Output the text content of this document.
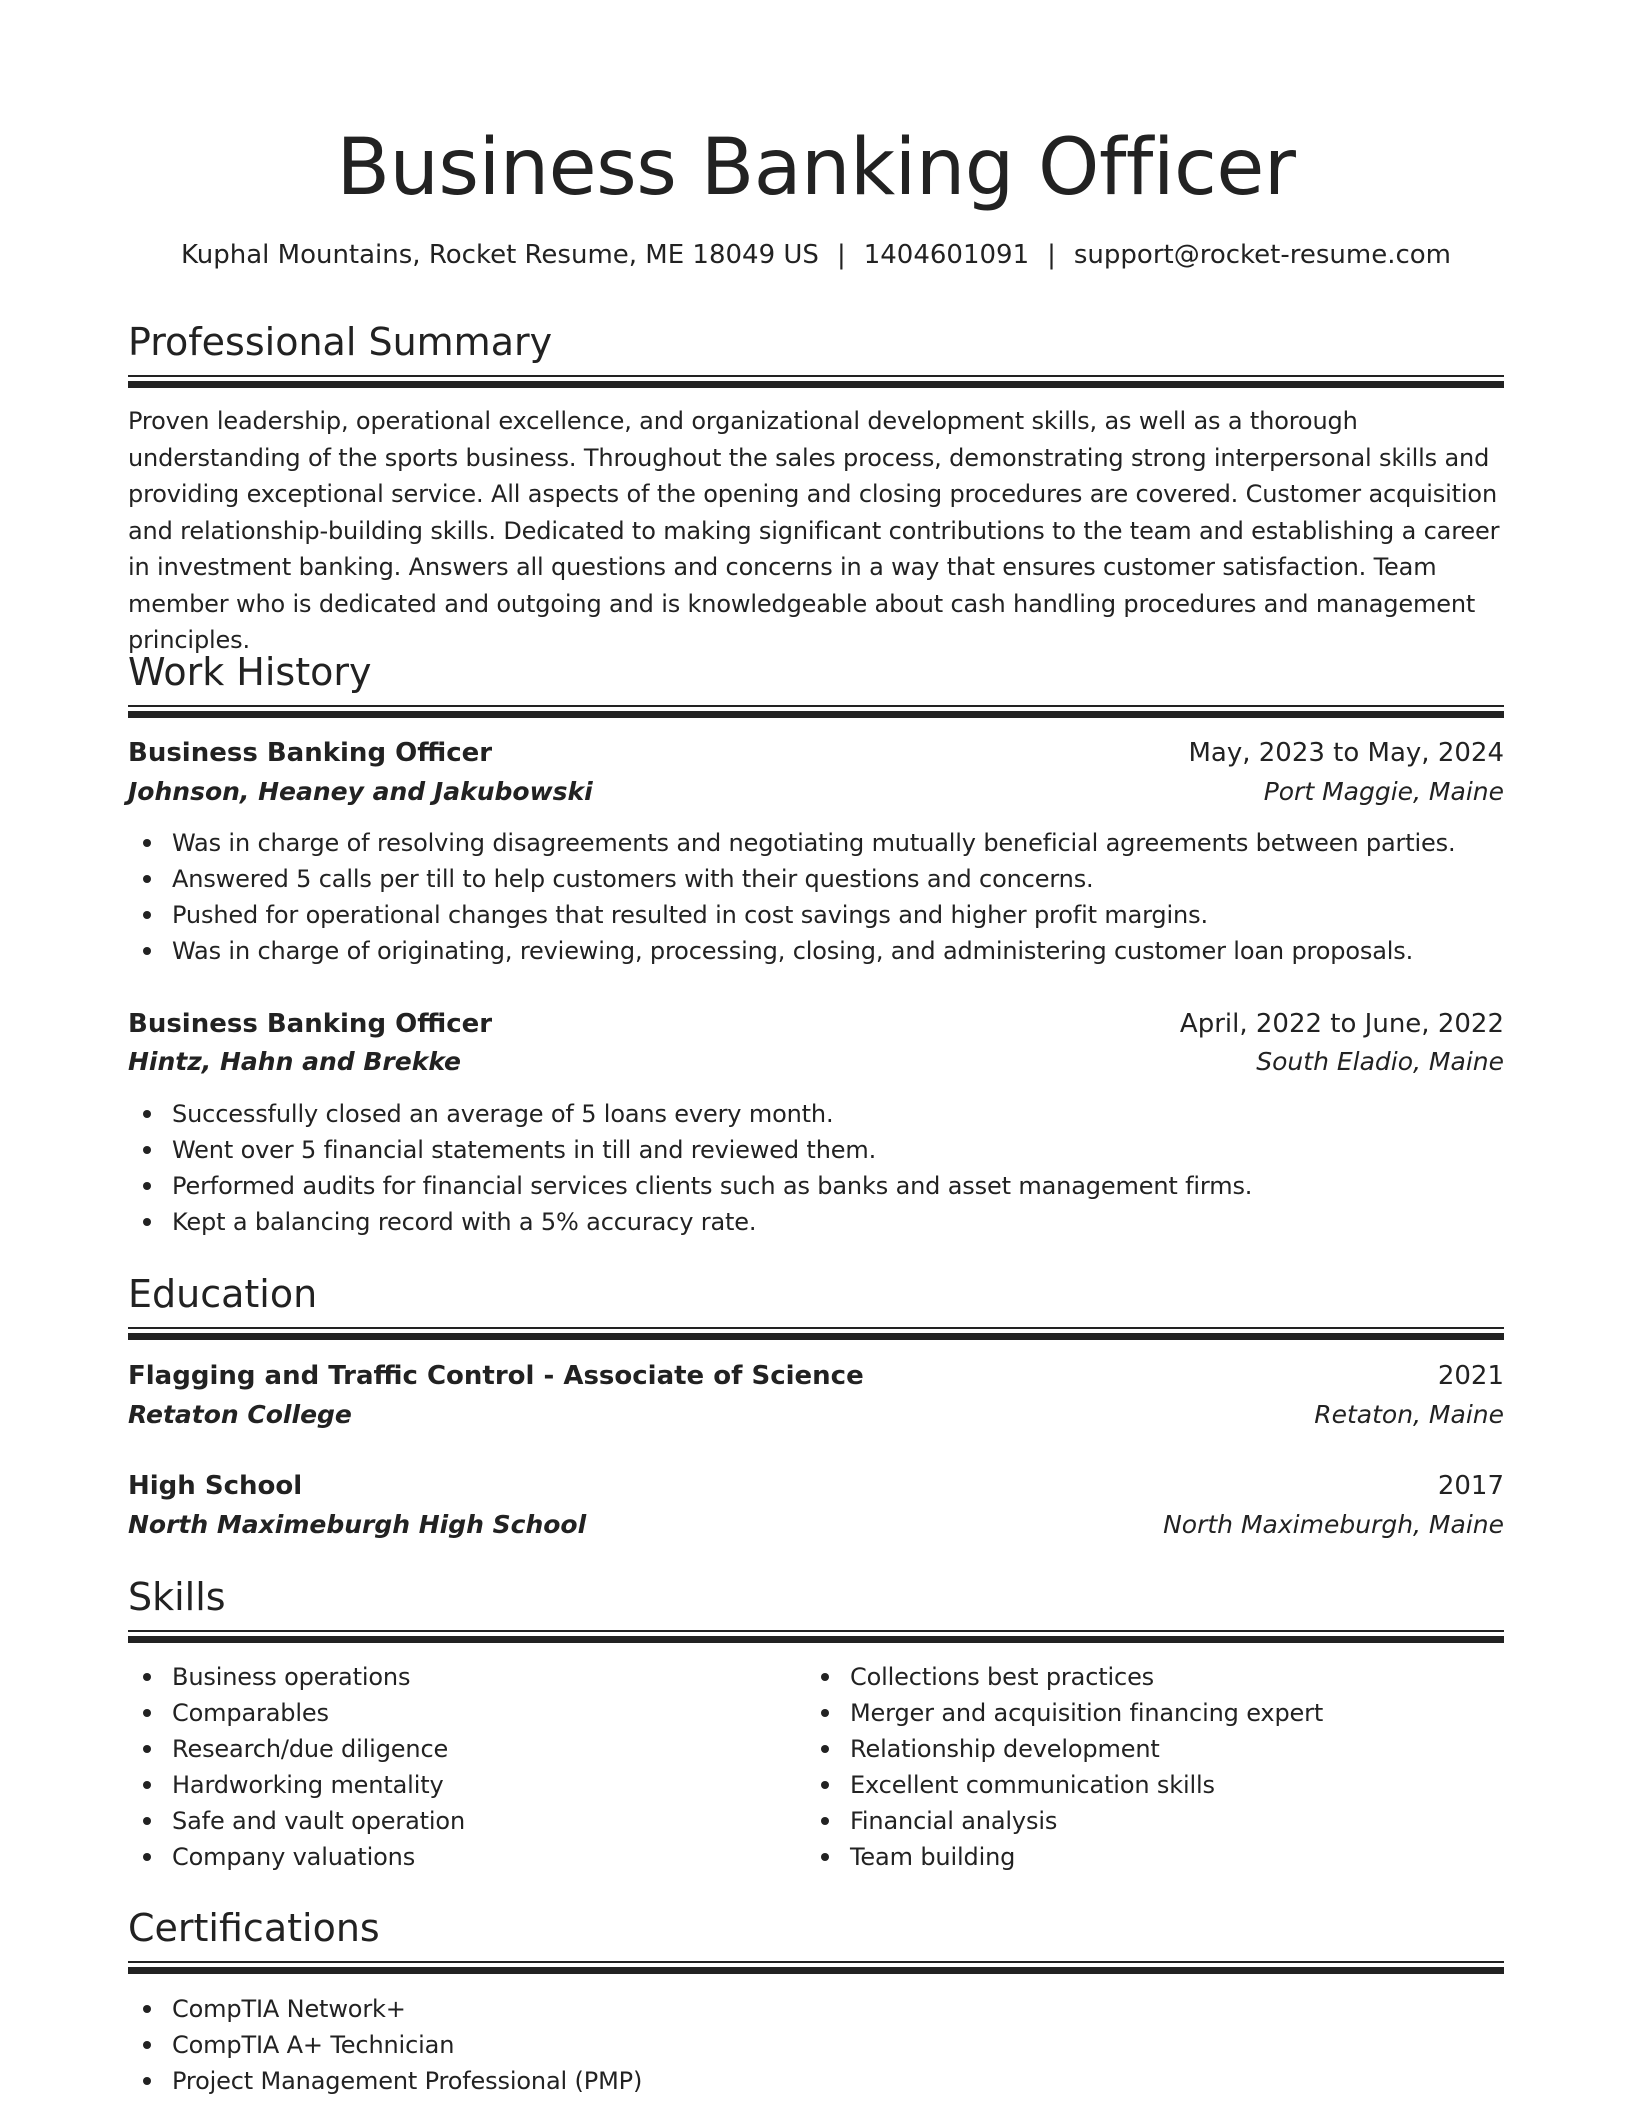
Business Banking Officer
Kuphal Mountains, Rocket Resume, ME 18049 US | 1404601091 | support@rocket-resume.com
Professional Summary

Proven leadership, operational excellence, and organizational development skills, as well as a thorough understanding of the sports business. Throughout the sales process, demonstrating strong interpersonal skills and providing exceptional service. All aspects of the opening and closing procedures are covered. Customer acquisition and relationship-building skills. Dedicated to making significant contributions to the team and establishing a career in investment banking. Answers all questions and concerns in a way that ensures customer satisfaction. Team member who is dedicated and outgoing and is knowledgeable about cash handling procedures and management principles.

Work History
Business Banking Officer	May, 2023 to May, 2024
Johnson, Heaney and Jakubowski	Port Maggie, Maine
Was in charge of resolving disagreements and negotiating mutually beneficial agreements between parties.
Answered 5 calls per till to help customers with their questions and concerns.
Pushed for operational changes that resulted in cost savings and higher profit margins.
Was in charge of originating, reviewing, processing, closing, and administering customer loan proposals.
Business Banking Officer	April, 2022 to June, 2022
Hintz, Hahn and Brekke	South Eladio, Maine
Successfully closed an average of 5 loans every month.
Went over 5 financial statements in till and reviewed them.
Performed audits for financial services clients such as banks and asset management firms.
Kept a balancing record with a 5% accuracy rate.
Education
Flagging and Traffic Control - Associate of Science	2021
Retaton College	Retaton, Maine
High School	2017
North Maximeburgh High School	North Maximeburgh, Maine
Skills
Business operations
Comparables
Research/due diligence
Hardworking mentality
Safe and vault operation
Company valuations
Collections best practices
Merger and acquisition financing expert
Relationship development
Excellent communication skills
Financial analysis
Team building
Certifications
CompTIA Network+
CompTIA A+ Technician
Project Management Professional (PMP)
